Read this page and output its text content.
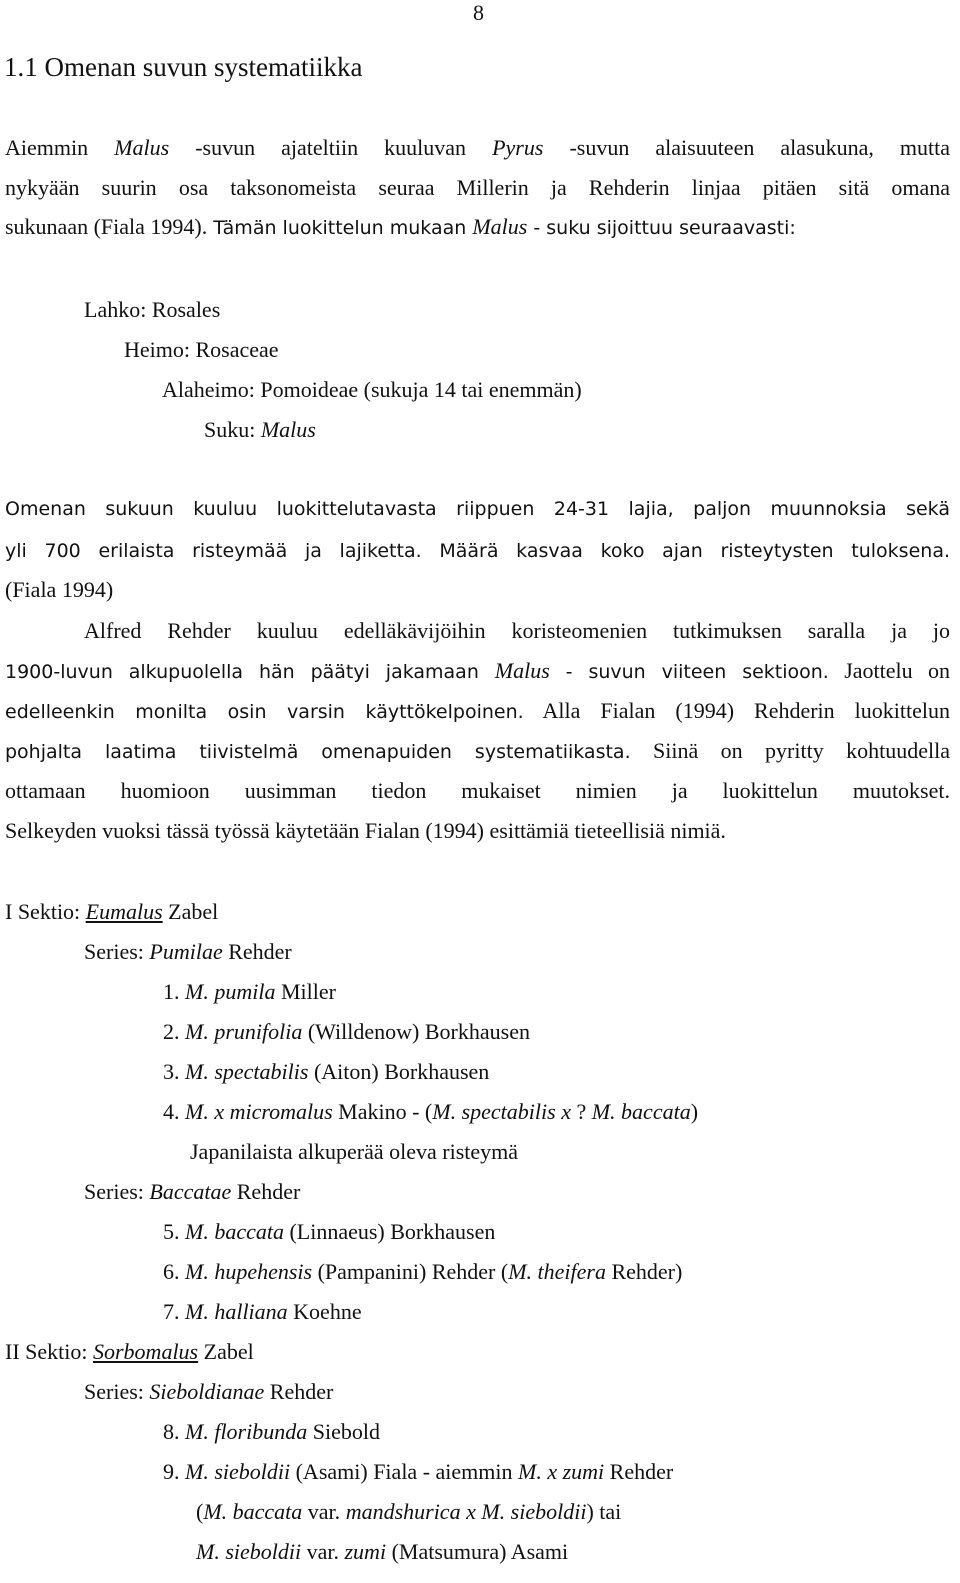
8
1.1 Omenan suvun systematiikka
Aiemmin Malus -suvun ajateltiin kuuluvan Pyrus -suvun alaisuuteen alasukuna, mutta
nykyään suurin osa taksonomeista seuraa Millerin ja Rehderin linjaa pitäen sitä omana
sukunaan (Fiala 1994). Tämän luokittelun mukaan Malus - suku sijoittuu seuraavasti:
Lahko: Rosales
Heimo: Rosaceae
Alaheimo: Pomoideae (sukuja 14 tai enemmän)
Suku: Malus
Omenan sukuun kuuluu luokittelutavasta riippuen 24-31 lajia, paljon muunnoksia sekä
yli 700 erilaista risteymää ja lajiketta. Määrä kasvaa koko ajan risteytysten tuloksena.
(Fiala 1994)
Alfred Rehder kuuluu edelläkävijöihin koristeomenien tutkimuksen saralla ja jo
1900-luvun alkupuolella hän päätyi jakamaan Malus - suvun viiteen sektioon. Jaottelu on
edelleenkin monilta osin varsin käyttökelpoinen. Alla Fialan (1994) Rehderin luokittelun
pohjalta laatima tiivistelmä omenapuiden systematiikasta. Siinä on pyritty kohtuudella
ottamaan huomioon uusimman tiedon mukaiset nimien ja luokittelun muutokset.
Selkeyden vuoksi tässä työssä käytetään Fialan (1994) esittämiä tieteellisiä nimiä.
I Sektio: Eumalus Zabel
Series: Pumilae Rehder
1. M. pumila Miller
2. M. prunifolia (Willdenow) Borkhausen
3. M. spectabilis (Aiton) Borkhausen
4. M. x micromalus Makino - (M. spectabilis x ? M. baccata)
Japanilaista alkuperää oleva risteymä
Series: Baccatae Rehder
5. M. baccata (Linnaeus) Borkhausen
6. M. hupehensis (Pampanini) Rehder (M. theifera Rehder)
7. M. halliana Koehne
II Sektio: Sorbomalus Zabel
Series: Sieboldianae Rehder
8. M. floribunda Siebold
9. M. sieboldii (Asami) Fiala - aiemmin M. x zumi Rehder
(M. baccata var. mandshurica x M. sieboldii) tai
M. sieboldii var. zumi (Matsumura) Asami
